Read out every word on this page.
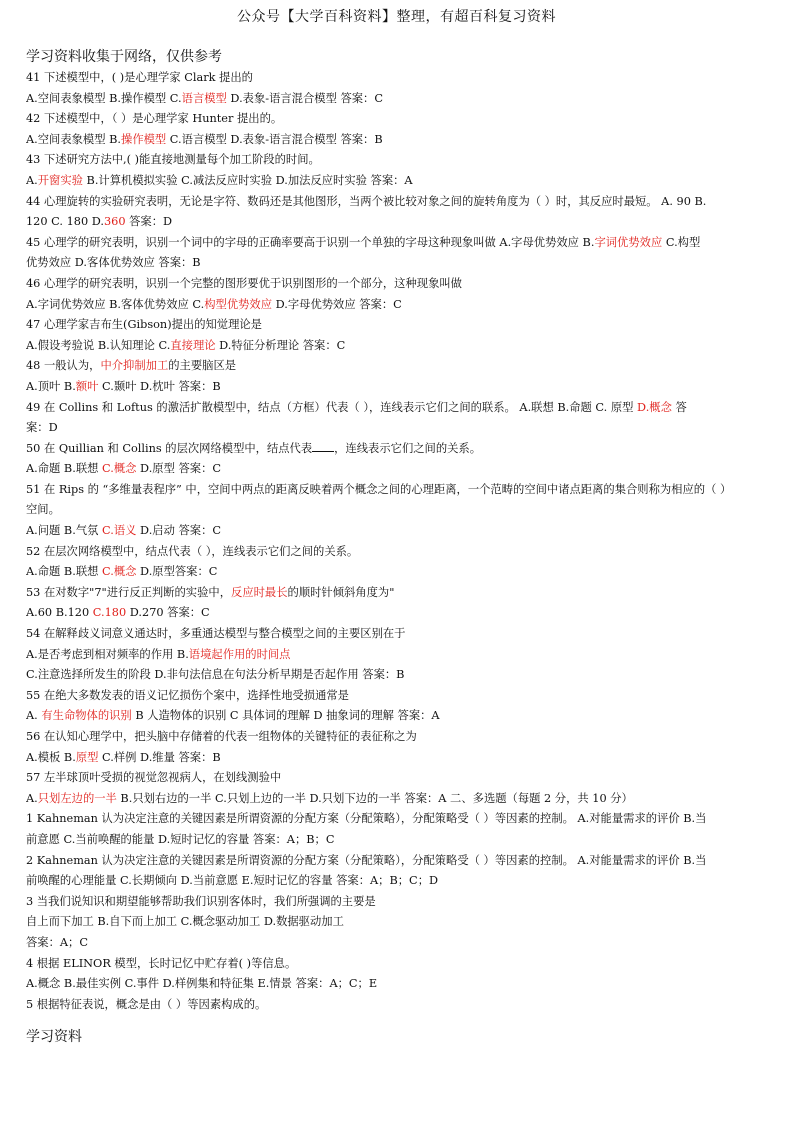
公众号【大学百科资料】整理，有超百科复习资料
学习资料收集于网络，仅供参考
41 下述模型中，( )是心理学家 Clark 提出的
A.空间表象模型 B.操作模型 C.语言模型 D.表象-语言混合模型 答案：C
42 下述模型中，（ ）是心理学家 Hunter 提出的。
A.空间表象模型 B.操作模型 C.语言模型 D.表象-语言混合模型 答案：B
43 下述研究方法中,( )能直接地测量每个加工阶段的时间。
A.开窗实验 B.计算机模拟实验 C.减法反应时实验 D.加法反应时实验 答案：A
44 心理旋转的实验研究表明，无论是字符、数码还是其他图形，当两个被比较对象之间的旋转角度为（ ）时，其反应时最短。 A. 90 B.
120 C. 180 D.360 答案：D
45 心理学的研究表明，识别一个词中的字母的正确率要高于识别一个单独的字母这种现象叫做 A.字母优势效应 B.字词优势效应 C.构型
优势效应 D.客体优势效应 答案：B
46 心理学的研究表明，识别一个完整的图形要优于识别图形的一个部分，这种现象叫做
A.字词优势效应 B.客体优势效应 C.构型优势效应 D.字母优势效应 答案：C
47 心理学家吉布生(Gibson)提出的知觉理论是
A.假设考验说 B.认知理论 C.直接理论 D.特征分析理论 答案：C
48 一般认为，中介抑制加工的主要脑区是
A.顶叶 B.额叶 C.颞叶 D.枕叶 答案：B
49 在 Collins 和 Loftus 的激活扩散模型中，结点（方框）代表（ ），连线表示它们之间的联系。 A.联想 B.命题 C. 原型 D.概念 答
案：D
50 在 Quillian 和 Collins 的层次网络模型中，结点代表 ，连线表示它们之间的关系。
A.命题 B.联想 C.概念 D.原型 答案：C
51 在 Rips 的 “多维量表程序” 中，空间中两点的距离反映着两个概念之间的心理距离，一个范畴的空间中诸点距离的集合则称为相应的（ ）
空间。
A.问题 B.气氛 C.语义 D.启动 答案：C
52 在层次网络模型中，结点代表（ ），连线表示它们之间的关系。
A.命题 B.联想 C.概念 D.原型答案：C
53 在对数字"7"进行反正判断的实验中，反应时最长的顺时针倾斜角度为"
A.60 B.120 C.180 D.270 答案：C
54 在解释歧义词意义通达时，多重通达模型与整合模型之间的主要区别在于
A.是否考虑到相对频率的作用 B.语境起作用的时间点
C.注意选择所发生的阶段 D.非句法信息在句法分析早期是否起作用 答案：B
55 在绝大多数发表的语义记忆损伤个案中，选择性地受损通常是
A. 有生命物体的识别 B 人造物体的识别 C 具体词的理解 D 抽象词的理解 答案：A
56 在认知心理学中，把头脑中存储着的代表一组物体的关键特征的表征称之为
A.模板 B.原型 C.样例 D.维量 答案：B
57 左半球顶叶受损的视觉忽视病人，在划线测验中
A.只划左边的一半 B.只划右边的一半 C.只划上边的一半 D.只划下边的一半 答案：A 二、多选题（每题 2 分，共 10 分）
1 Kahneman 认为决定注意的关键因素是所谓资源的分配方案（分配策略），分配策略受（ ）等因素的控制。 A.对能量需求的评价 B.当
前意愿 C.当前唤醒的能量 D.短时记忆的容量 答案：A；B；C
2 Kahneman 认为决定注意的关键因素是所谓资源的分配方案（分配策略），分配策略受（ ）等因素的控制。 A.对能量需求的评价 B.当
前唤醒的心理能量 C.长期倾向 D.当前意愿 E.短时记忆的容量 答案：A；B；C；D
3 当我们说知识和期望能够帮助我们识别客体时，我们所强调的主要是
自上而下加工 B.自下而上加工 C.概念驱动加工 D.数据驱动加工
答案：A；C
4 根据 ELINOR 模型，长时记忆中贮存着( )等信息。
A.概念 B.最佳实例 C.事件 D.样例集和特征集 E.情景 答案：A；C；E
5 根据特征表说，概念是由（ ）等因素构成的。
学习资料
